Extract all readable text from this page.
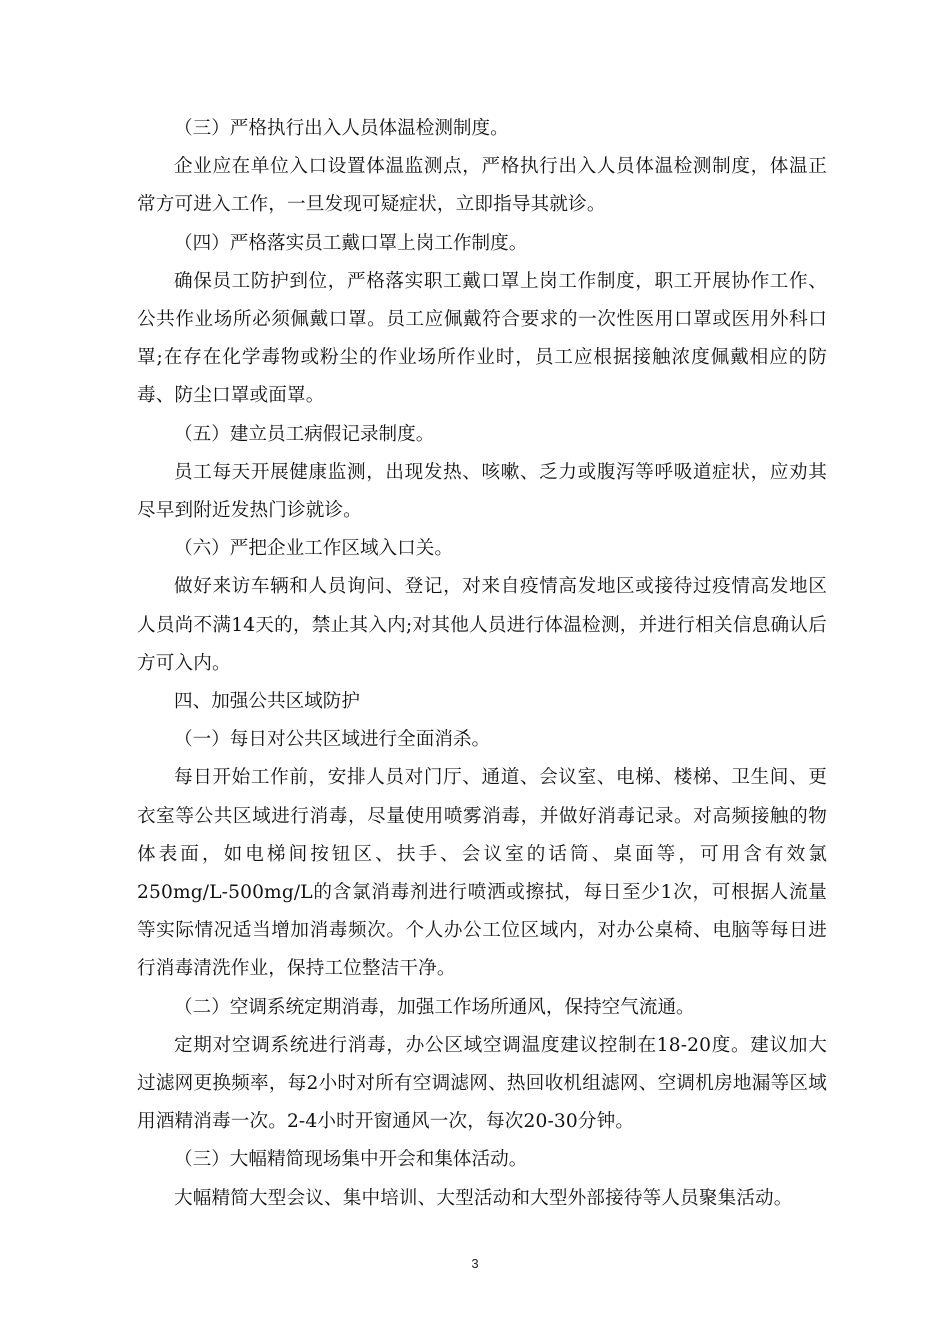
（三）严格执行出入人员体温检测制度。

企业应在单位入口设置体温监测点，严格执行出入人员体温检测制度，体温正常方可进入工作，一旦发现可疑症状，立即指导其就诊。

（四）严格落实员工戴口罩上岗工作制度。

确保员工防护到位，严格落实职工戴口罩上岗工作制度，职工开展协作工作、公共作业场所必须佩戴口罩。员工应佩戴符合要求的一次性医用口罩或医用外科口罩;在存在化学毒物或粉尘的作业场所作业时，员工应根据接触浓度佩戴相应的防毒、防尘口罩或面罩。

（五）建立员工病假记录制度。

员工每天开展健康监测，出现发热、咳嗽、乏力或腹泻等呼吸道症状，应劝其尽早到附近发热门诊就诊。

（六）严把企业工作区域入口关。

做好来访车辆和人员询问、登记，对来自疫情高发地区或接待过疫情高发地区人员尚不满14天的，禁止其入内;对其他人员进行体温检测，并进行相关信息确认后方可入内。

四、加强公共区域防护

（一）每日对公共区域进行全面消杀。

每日开始工作前，安排人员对门厅、通道、会议室、电梯、楼梯、卫生间、更衣室等公共区域进行消毒，尽量使用喷雾消毒，并做好消毒记录。对高频接触的物体表面，如电梯间按钮区、扶手、会议室的话筒、桌面等，可用含有效氯250mg/L-500mg/L的含氯消毒剂进行喷洒或擦拭，每日至少1次，可根据人流量等实际情况适当增加消毒频次。个人办公工位区域内，对办公桌椅、电脑等每日进行消毒清洗作业，保持工位整洁干净。

（二）空调系统定期消毒，加强工作场所通风，保持空气流通。

定期对空调系统进行消毒，办公区域空调温度建议控制在18-20度。建议加大过滤网更换频率，每2小时对所有空调滤网、热回收机组滤网、空调机房地漏等区域用酒精消毒一次。2-4小时开窗通风一次，每次20-30分钟。

（三）大幅精简现场集中开会和集体活动。

大幅精简大型会议、集中培训、大型活动和大型外部接待等人员聚集活动。

3
